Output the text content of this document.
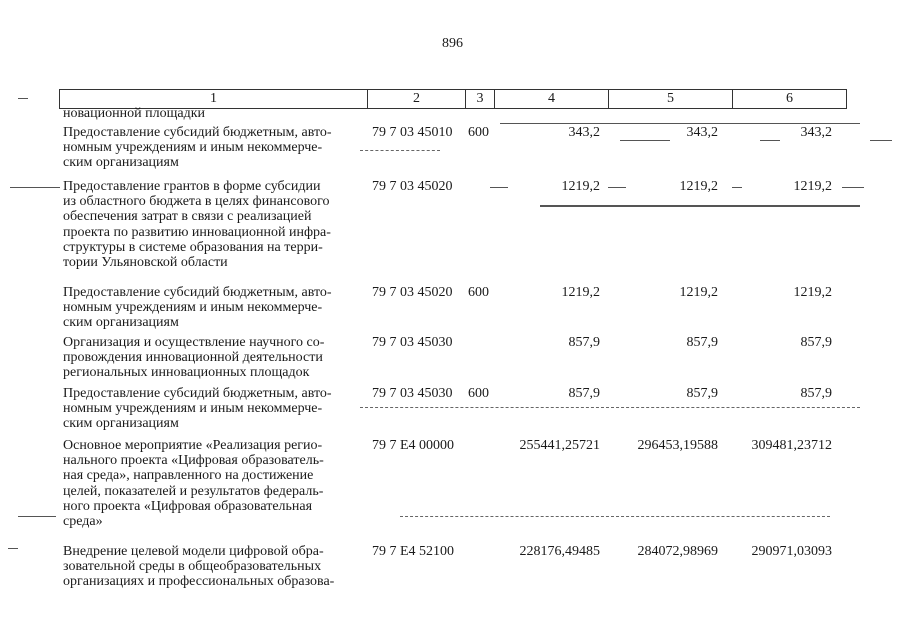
896
1	2	3	4	5	6
новационной площадки
Предоставление субсидий бюджетным, авто-
номным учреждениям и иным некоммерче-
ским организациям
79 7 03 45010 600	343,2	343,2	343,2
Предоставление грантов в форме субсидии
из областного бюджета в целях финансового
обеспечения затрат в связи с реализацией
проекта по развитию инновационной инфра-
структуры в системе образования на терри-
тории Ульяновской области
79 7 03 45020	1219,2	1219,2	1219,2
Предоставление субсидий бюджетным, авто-
номным учреждениям и иным некоммерче-
ским организациям
79 7 03 45020 600	1219,2	1219,2	1219,2
Организация и осуществление научного со-
провождения инновационной деятельности
региональных инновационных площадок
79 7 03 45030	857,9	857,9	857,9
Предоставление субсидий бюджетным, авто-
номным учреждениям и иным некоммерче-
ским организациям
79 7 03 45030 600	857,9	857,9	857,9
Основное мероприятие «Реализация регио-
нального проекта «Цифровая образователь-
ная среда», направленного на достижение
целей, показателей и результатов федераль-
ного проекта «Цифровая образовательная
среда»
79 7 E4 00000	255441,25721	296453,19588	309481,23712
Внедрение целевой модели цифровой обра-
зовательной среды в общеобразовательных
организациях и профессиональных образова-
79 7 E4 52100	228176,49485	284072,98969	290971,03093
